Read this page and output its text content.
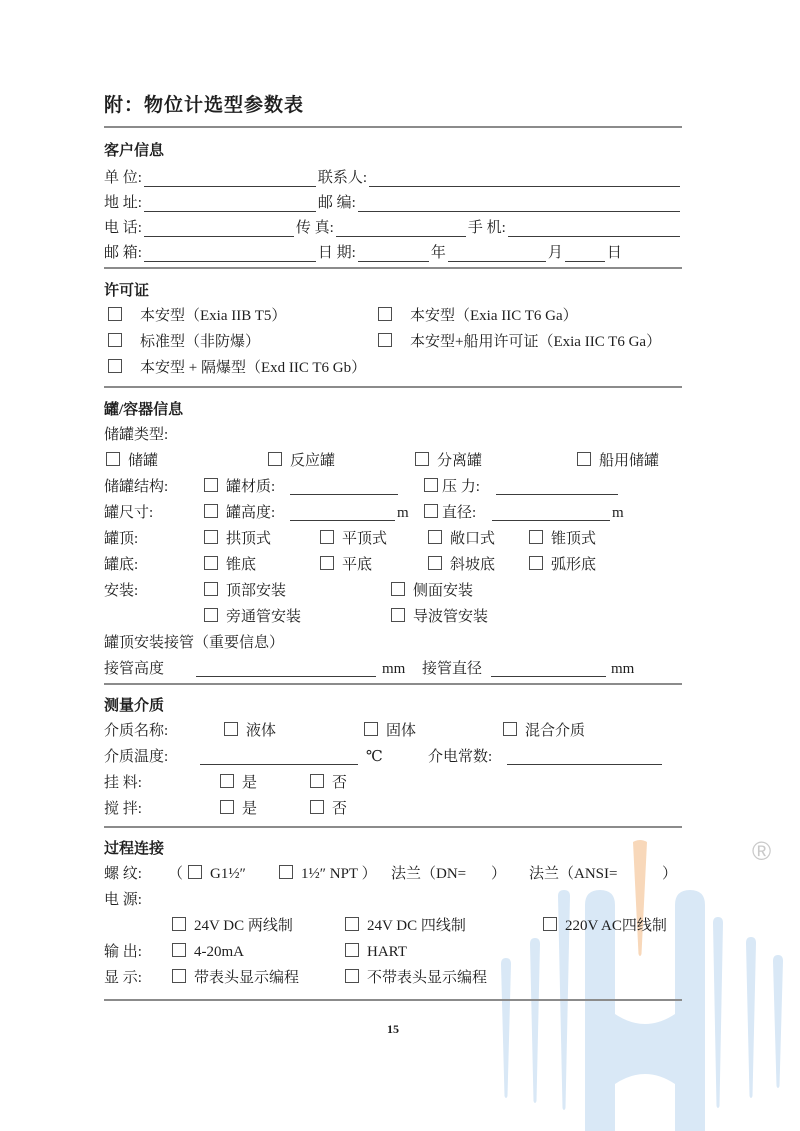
®
附：物位计选型参数表
客户信息
单 位:	联系人:
地 址:	邮 编:
电 话:	传 真:	手 机:
邮 箱:	日 期:	年	月	日
许可证
本安型（Exia IIB T5）	本安型（Exia IIC T6 Ga）
标准型（非防爆）	本安型+船用许可证（Exia IIC T6 Ga）
本安型 + 隔爆型（Exd IIC T6 Gb）
罐/容器信息
储罐类型:
储罐	反应罐	分离罐	船用储罐
储罐结构:	罐材质:	压 力:
罐尺寸:	罐高度:	m	直径:	m
罐顶:	拱顶式	平顶式	敞口式	锥顶式
罐底:	锥底	平底	斜坡底	弧形底
安装:	顶部安装	侧面安装
旁通管安装	导波管安装
罐顶安装接管（重要信息）
接管高度	mm 接管直径	mm
测量介质
介质名称:	液体	固体	混合介质
介质温度:	℃	介电常数:
挂 料:	是	否
搅 拌:	是	否
过程连接
螺 纹: （	G1½″	1½″ NPT ） 法兰（DN= ） 法兰（ANSI=	）
电 源:
24V DC 两线制	24V DC 四线制	220V AC四线制
输 出:	4-20mA	HART
显 示:	带表头显示编程	不带表头显示编程
15
